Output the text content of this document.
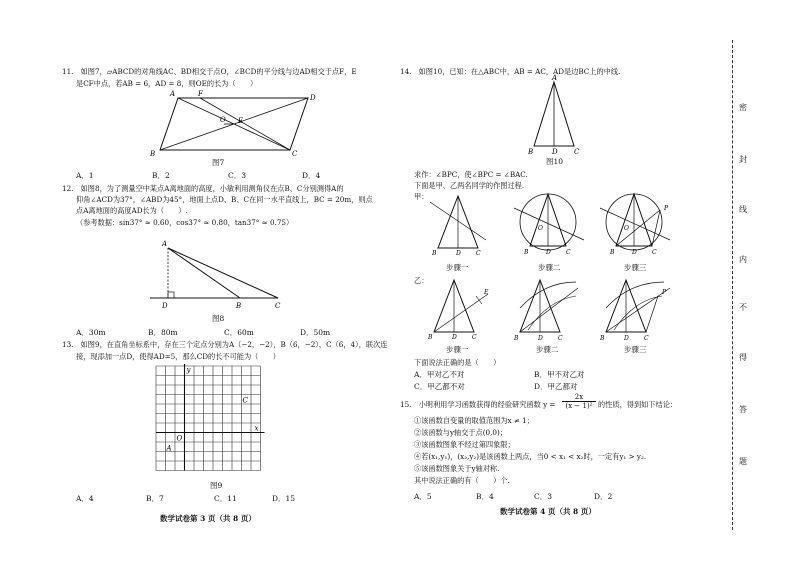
11.　如图7，▱ABCD的对角线AC、BD相交于点O，∠BCD的平分线与边AD相交于点F，E
是CF中点，若AB = 6，AD = 8，则OE的长为（　　）
A	F	D
B	C
O E
图7
A．1	B．2	C．3	D．4
12.　如图8，为了测量空中某点A离地面的高度，小敏利用测角仪在点B、C分别测得A的
仰角∠ACD为37°，∠ABD为45°，地面上点D、B、C在同一水平直线上，BC = 20m，则点
点A离地面的高度AD长为（　　）.
（参考数据：sin37° ≈ 0.60，cos37° ≈ 0.80，tan37° ≈ 0.75）
A
D	B	C
图8
A．30m	B．80m	C．60m	D．50m
13.　如图9，在直角坐标系中，存在三个定点分别为A（−2，−2），B（6，−2），C（6，4），联次连
接，现添加一点D，使得AD=5，那么CD的长不可能为（　　）
y
x
O
A
C
图9
A．4	B．7	C．11	D．15
数学试卷第 3 页（共 8 页）
14.　如图10，已知：在△ABC中，AB = AC，AD是边BC上的中线.
A
B	D C
图10
求作：∠BPC，使∠BPC = ∠BAC.
下面是甲、乙两名同学的作图过程.
甲：
B	D	C
步骤一
O
B	D	C
步骤二
P
O
B	D	C
步骤三
乙：
E
B	D	C
步骤一
B	D	C
步骤二
P
B	D	C
步骤三
下面说法正确的是（　　）
A．甲对乙不对	B．甲不对乙对
C．甲乙都不对	D．甲乙都对
15.　小明利用学习函数获得的经验研究函数 $y = \frac{2x}{\text{(x − 1)²}}$ 的性质，得到如下结论：
①该函数自变量的取值范围为x ≠ 1；
②该函数与y轴交于点(0,0)；
③该函数图象不经过第四象限；
④若(x₁,y₁)，(x₂,y₂)是该函数上两点，当0 < x₁ < x₂时，一定有y₁ > y₂.
⑤该函数图象关于y轴对称.
其中说法正确的有（　　）个.
A．5	B．4	C．3	D．2
数学试卷第 4 页（共 8 页）
密
封
线
内
不
得
答
题
